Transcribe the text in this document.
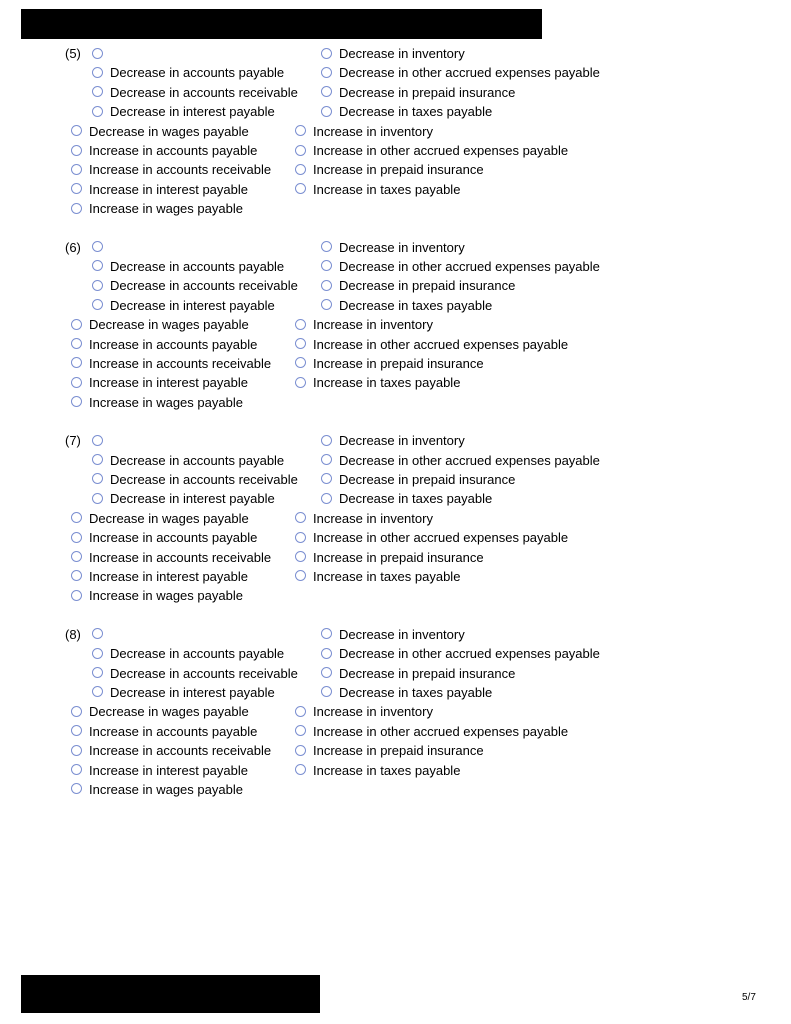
(5)	Decrease in inventory
Decrease in accounts payable	Decrease in other accrued expenses payable
Decrease in accounts receivable	Decrease in prepaid insurance
Decrease in interest payable	Decrease in taxes payable
Decrease in wages payable	Increase in inventory
Increase in accounts payable	Increase in other accrued expenses payable
Increase in accounts receivable	Increase in prepaid insurance
Increase in interest payable	Increase in taxes payable
Increase in wages payable
(6)	Decrease in inventory
Decrease in accounts payable	Decrease in other accrued expenses payable
Decrease in accounts receivable	Decrease in prepaid insurance
Decrease in interest payable	Decrease in taxes payable
Decrease in wages payable	Increase in inventory
Increase in accounts payable	Increase in other accrued expenses payable
Increase in accounts receivable	Increase in prepaid insurance
Increase in interest payable	Increase in taxes payable
Increase in wages payable
(7)	Decrease in inventory
Decrease in accounts payable	Decrease in other accrued expenses payable
Decrease in accounts receivable	Decrease in prepaid insurance
Decrease in interest payable	Decrease in taxes payable
Decrease in wages payable	Increase in inventory
Increase in accounts payable	Increase in other accrued expenses payable
Increase in accounts receivable	Increase in prepaid insurance
Increase in interest payable	Increase in taxes payable
Increase in wages payable
(8)	Decrease in inventory
Decrease in accounts payable	Decrease in other accrued expenses payable
Decrease in accounts receivable	Decrease in prepaid insurance
Decrease in interest payable	Decrease in taxes payable
Decrease in wages payable	Increase in inventory
Increase in accounts payable	Increase in other accrued expenses payable
Increase in accounts receivable	Increase in prepaid insurance
Increase in interest payable	Increase in taxes payable
Increase in wages payable
5/7
